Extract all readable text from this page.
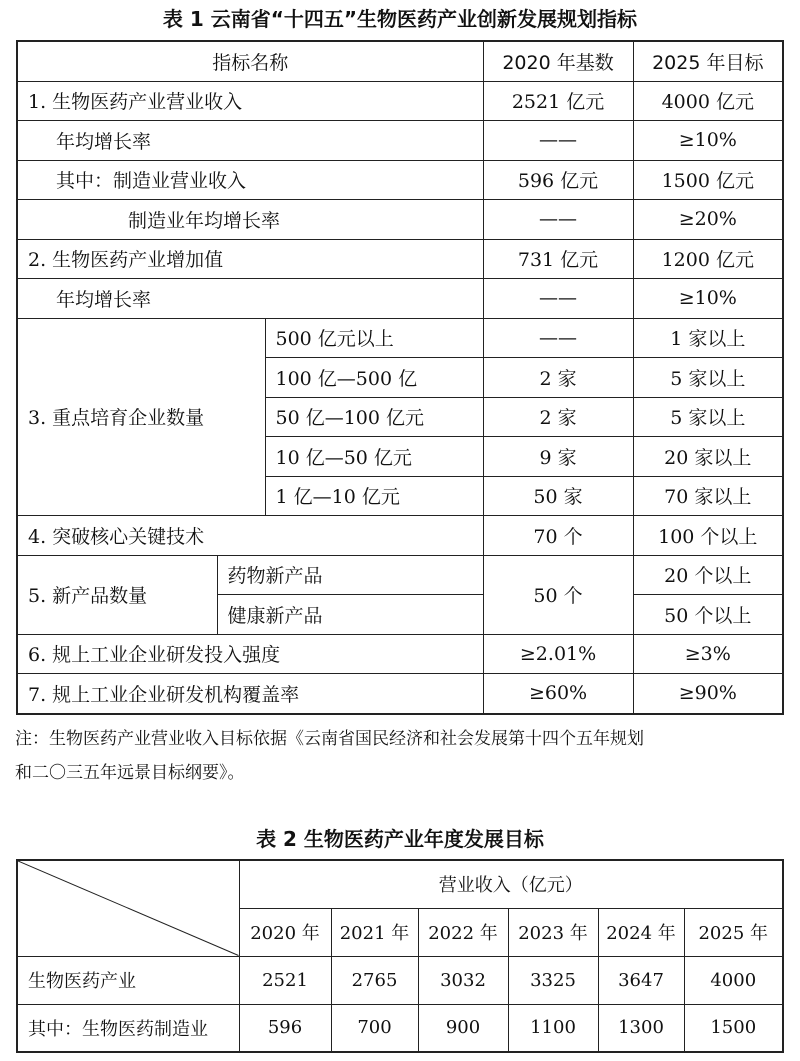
表 1 云南省“十四五”生物医药产业创新发展规划指标
指标名称			2020 年基数	2025 年目标
1. 生物医药产业营业收入			2521 亿元	4000 亿元
年均增长率			——	≥10%
其中：制造业营业收入			596 亿元	1500 亿元
制造业年均增长率			——	≥20%
2. 生物医药产业增加值			731 亿元	1200 亿元
年均增长率			——	≥10%
3. 重点培育企业数量		500 亿元以上	——	1 家以上
		100 亿—500 亿	2 家	5 家以上
		50 亿—100 亿元	2 家	5 家以上
		10 亿—50 亿元	9 家	20 家以上
		1 亿—10 亿元	50 家	70 家以上
4. 突破核心关键技术			70 个	100 个以上
5. 新产品数量	药物新产品		50 个	20 个以上
	健康新产品			50 个以上
6. 规上工业企业研发投入强度			≥2.01%	≥3%
7. 规上工业企业研发机构覆盖率			≥60%	≥90%
注：生物医药产业营业收入目标依据《云南省国民经济和社会发展第十四个五年规划
和二〇三五年远景目标纲要》。
表 2 生物医药产业年度发展目标
	营业收入（亿元）					
	2020 年	2021 年	2022 年	2023 年	2024 年	2025 年
生物医药产业	2521	2765	3032	3325	3647	4000
其中：生物医药制造业	596	700	900	1100	1300	1500
